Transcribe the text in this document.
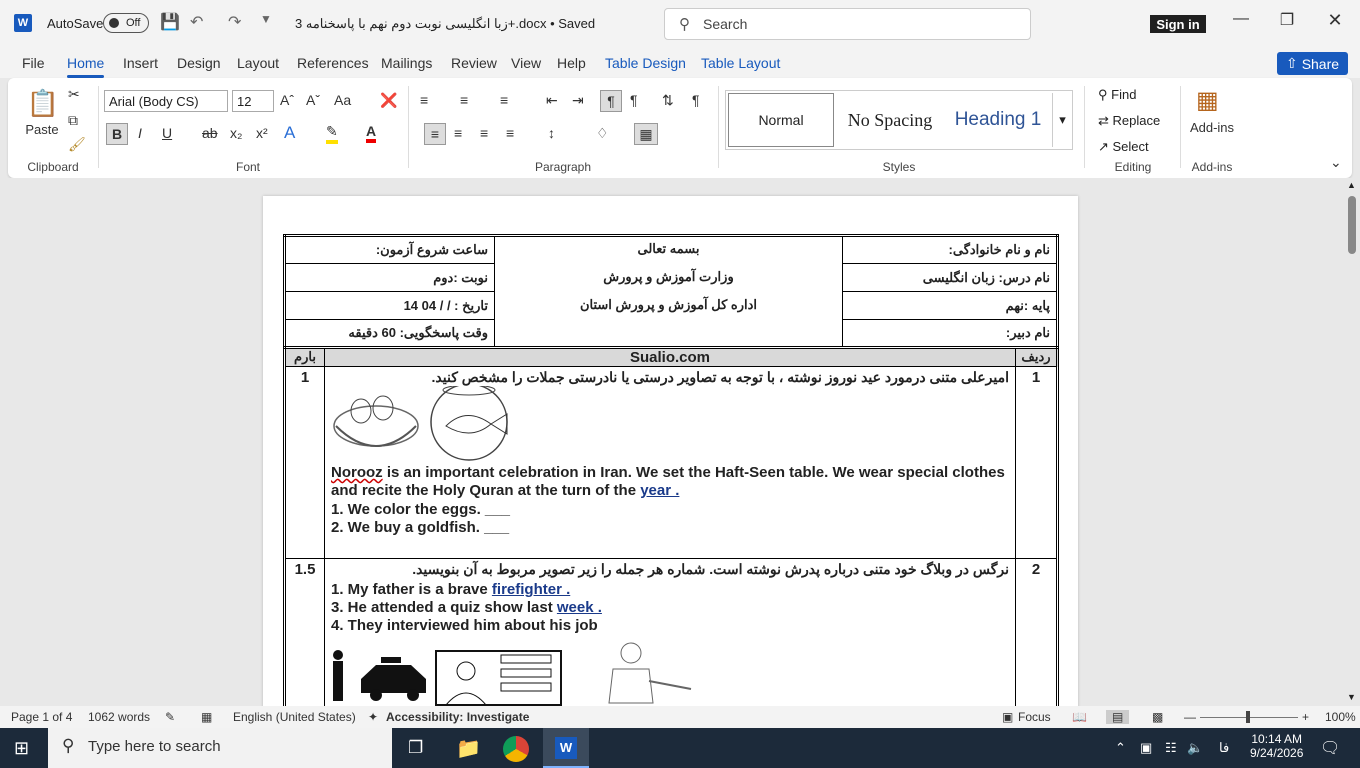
W AutoSave	Off	💾 ↶ ↷ ▼ زبا انگلیسی نوبت دوم نهم با پاسخنامه 3+.docx • Saved	⚲ Search	Sign in	—	❐	✕
File Home Insert Design Layout References Mailings Review View Help Table Design Table Layout	⇧ Share
📋
Paste
✂
⧉
🖌
Clipboard
Arial (Body CS)	12	Aˆ Aˇ Aa ❌
B	I U ab x₂ x² A ✎ A
Font
≡ ≡ ≡	⇤ ⇥	¶	¶ ⇅ ¶
≡	≡ ≡ ≡ ↕	♢	▦
Paragraph
Normal	No Spacing	Heading 1	▾
Styles
⚲ Find
⇄ Replace
↗ Select
Editing
▦
Add-ins
Add-ins	⌄
ساعت شروع آزمون:	بسمه تعالی
وزارت آموزش و پرورش
اداره کل آموزش و پرورش استان	نام و نام خانوادگی:
نوبت :دوم		نام درس: زبان انگلیسی
تاریخ : / / 04 14		پایه :نهم
وقت پاسخگویی: 60 دقیقه		نام دبیر:
بارم	Sualio.com	ردیف
1	امیرعلی متنی درمورد عید نوروز نوشته ، با توجه به تصاویر درستی یا نادرستی جملات را مشخص کنید.
Norooz is an important celebration in Iran. We set the Haft-Seen table. We wear special clothes and recite the Holy Quran at the turn of the year .
1. We color the eggs. ___
2. We buy a goldfish. ___	1
1.5	نرگس در وبلاگ خود متنی درباره پدرش نوشته است. شماره هر جمله را زیر تصویر مربوط به آن بنویسید.
1. My father is a brave firefighter .
3. He attended a quiz show last week .
4. They interviewed him about his job	2
▲
▼
Page 1 of 4 1062 words ✎ ▦ English (United States) ✦ Accessibility: Investigate	▣ Focus 📖	▤	▩ —	+ 100%
⊞ ⚲ Type here to search	❐ 📁	W	⌃ ▣ ☷ 🔈 فا
10:14 AM
9/24/2026 🗨
